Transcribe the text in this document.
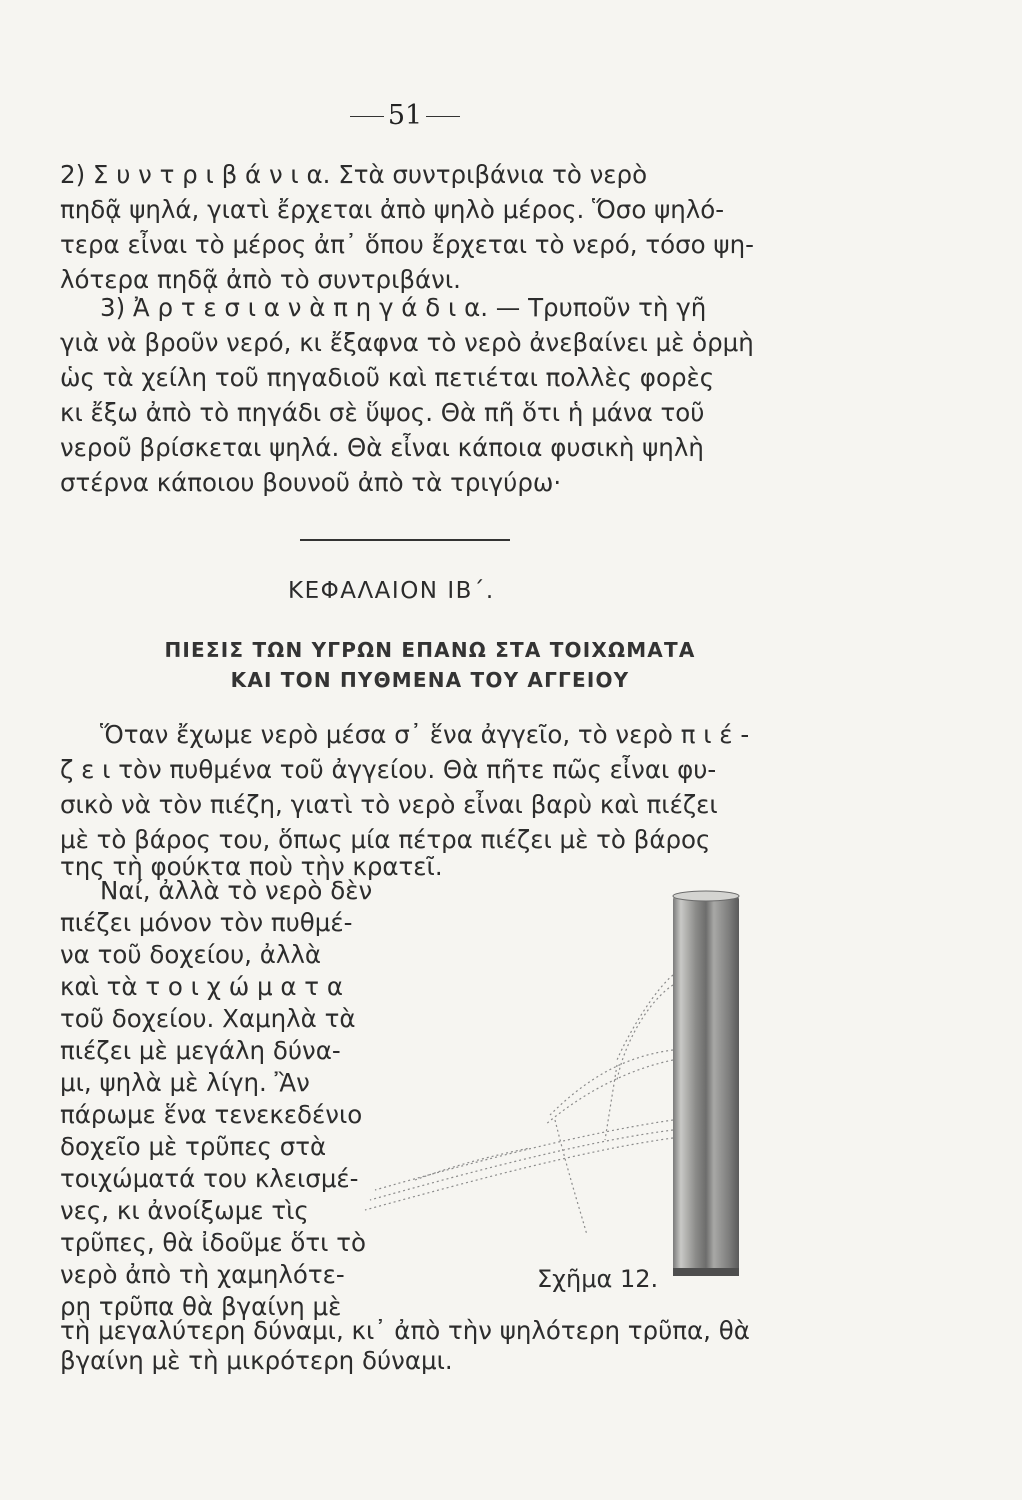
51
2) Σ υ ν τ ρ ι β ά ν ι α. Στὰ συντριβάνια τὸ νερὸ
πηδᾷ ψηλά, γιατὶ ἔρχεται ἀπὸ ψηλὸ μέρος. Ὅσο ψηλό-
τερα εἶναι τὸ μέρος ἀπ᾽ ὅπου ἔρχεται τὸ νερό, τόσο ψη-
λότερα πηδᾷ ἀπὸ τὸ συντριβάνι.
3) Ἀ ρ τ ε σ ι α ν ὰ π η γ ά δ ι α. — Τρυποῦν τὴ γῆ
γιὰ νὰ βροῦν νερό, κι ἔξαφνα τὸ νερὸ ἀνεβαίνει μὲ ὁρμὴ
ὡς τὰ χείλη τοῦ πηγαδιοῦ καὶ πετιέται πολλὲς φορὲς
κι ἔξω ἀπὸ τὸ πηγάδι σὲ ὕψος. Θὰ πῆ ὅτι ἡ μάνα τοῦ
νεροῦ βρίσκεται ψηλά. Θὰ εἶναι κάποια φυσικὴ ψηλὴ
στέρνα κάποιου βουνοῦ ἀπὸ τὰ τριγύρω·
ΚΕΦΑΛΑΙΟΝ ΙΒ΄.
ΠΙΕΣΙΣ ΤΩΝ ΥΓΡΩΝ ΕΠΑΝΩ ΣΤΑ ΤΟΙΧΩΜΑΤΑ
ΚΑΙ ΤΟΝ ΠΥΘΜΕΝΑ ΤΟΥ ΑΓΓΕΙΟΥ
Ὅταν ἔχωμε νερὸ μέσα σ᾽ ἕνα ἀγγεῖο, τὸ νερὸ π ι έ -
ζ ε ι τὸν πυθμένα τοῦ ἀγγείου. Θὰ πῆτε πῶς εἶναι φυ-
σικὸ νὰ τὸν πιέζη, γιατὶ τὸ νερὸ εἶναι βαρὺ καὶ πιέζει
μὲ τὸ βάρος του, ὅπως μία πέτρα πιέζει μὲ τὸ βάρος
της τὴ φούκτα ποὺ τὴν κρατεῖ.
Ναί, ἀλλὰ τὸ νερὸ δὲν
πιέζει μόνον τὸν πυθμέ-
να τοῦ δοχείου, ἀλλὰ
καὶ τὰ τ ο ι χ ώ μ α τ α
τοῦ δοχείου. Χαμηλὰ τὰ
πιέζει μὲ μεγάλη δύνα-
μι, ψηλὰ μὲ λίγη. Ἂν
πάρωμε ἕνα τενεκεδένιο
δοχεῖο μὲ τρῦπες στὰ
τοιχώματά του κλεισμέ-
νες, κι ἀνοίξωμε τὶς
τρῦπες, θὰ ἰδοῦμε ὅτι τὸ
νερὸ ἀπὸ τὴ χαμηλότε-
ρη τρῦπα θὰ βγαίνη μὲ
τὴ μεγαλύτερη δύναμι, κι᾽ ἀπὸ τὴν ψηλότερη τρῦπα, θὰ
βγαίνη μὲ τὴ μικρότερη δύναμι.
Σχῆμα 12.
